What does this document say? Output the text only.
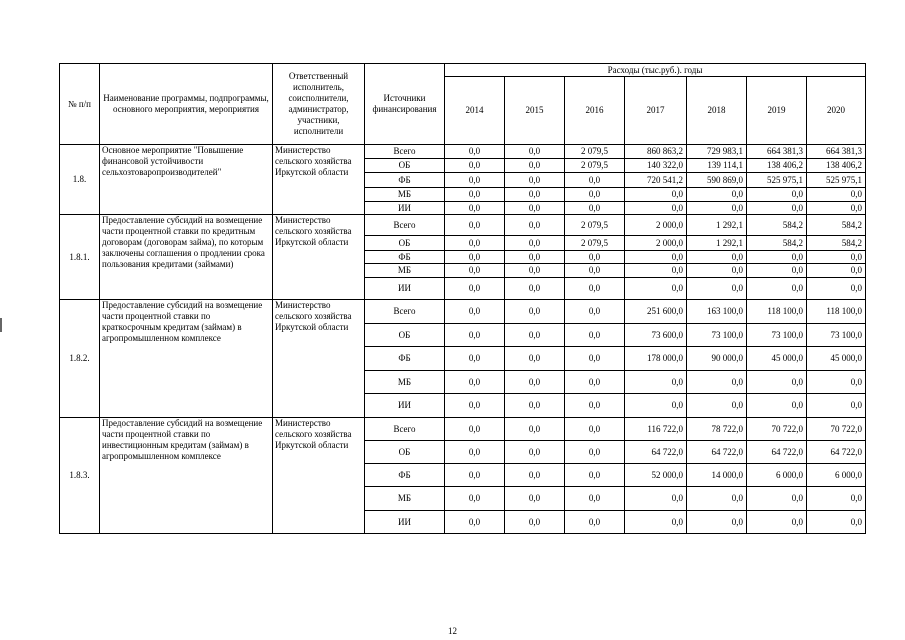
№ п/п	Наименование программы, подпрограммы, основного мероприятия, мероприятия	Ответственный исполнитель, соисполнители, администратор, участники, исполнители	Источники финансирования	Расходы (тыс.руб.). годы						
				2014	2015	2016	2017	2018	2019	2020
1.8.	Основное мероприятие "Повышение финансовой устойчивости сельхозтоваропроизводителей"	Министерство сельского хозяйства Иркутской области	Всего	0,0	0,0	2 079,5	860 863,2	729 983,1	664 381,3	664 381,3
			ОБ	0,0	0,0	2 079,5	140 322,0	139 114,1	138 406,2	138 406,2
			ФБ	0,0	0,0	0,0	720 541,2	590 869,0	525 975,1	525 975,1
			МБ	0,0	0,0	0,0	0,0	0,0	0,0	0,0
			ИИ	0,0	0,0	0,0	0,0	0,0	0,0	0,0
1.8.1.	Предоставление субсидий на возмещение части процентной ставки по кредитным договорам (договорам займа), по которым заключены соглашения о продлении срока пользования кредитами (займами)	Министерство сельского хозяйства Иркутской области	Всего	0,0	0,0	2 079,5	2 000,0	1 292,1	584,2	584,2
			ОБ	0,0	0,0	2 079,5	2 000,0	1 292,1	584,2	584,2
			ФБ	0,0	0,0	0,0	0,0	0,0	0,0	0,0
			МБ	0,0	0,0	0,0	0,0	0,0	0,0	0,0
			ИИ	0,0	0,0	0,0	0,0	0,0	0,0	0,0
1.8.2.	Предоставление субсидий на возмещение части процентной ставки по краткосрочным кредитам (займам) в агропромышленном комплексе	Министерство сельского хозяйства Иркутской области	Всего	0,0	0,0	0,0	251 600,0	163 100,0	118 100,0	118 100,0
			ОБ	0,0	0,0	0,0	73 600,0	73 100,0	73 100,0	73 100,0
			ФБ	0,0	0,0	0,0	178 000,0	90 000,0	45 000,0	45 000,0
			МБ	0,0	0,0	0,0	0,0	0,0	0,0	0,0
			ИИ	0,0	0,0	0,0	0,0	0,0	0,0	0,0
1.8.3.	Предоставление субсидий на возмещение части процентной ставки по инвестиционным кредитам (займам) в агропромышленном комплексе	Министерство сельского хозяйства Иркутской области	Всего	0,0	0,0	0,0	116 722,0	78 722,0	70 722,0	70 722,0
			ОБ	0,0	0,0	0,0	64 722,0	64 722,0	64 722,0	64 722,0
			ФБ	0,0	0,0	0,0	52 000,0	14 000,0	6 000,0	6 000,0
			МБ	0,0	0,0	0,0	0,0	0,0	0,0	0,0
			ИИ	0,0	0,0	0,0	0,0	0,0	0,0	0,0
12
